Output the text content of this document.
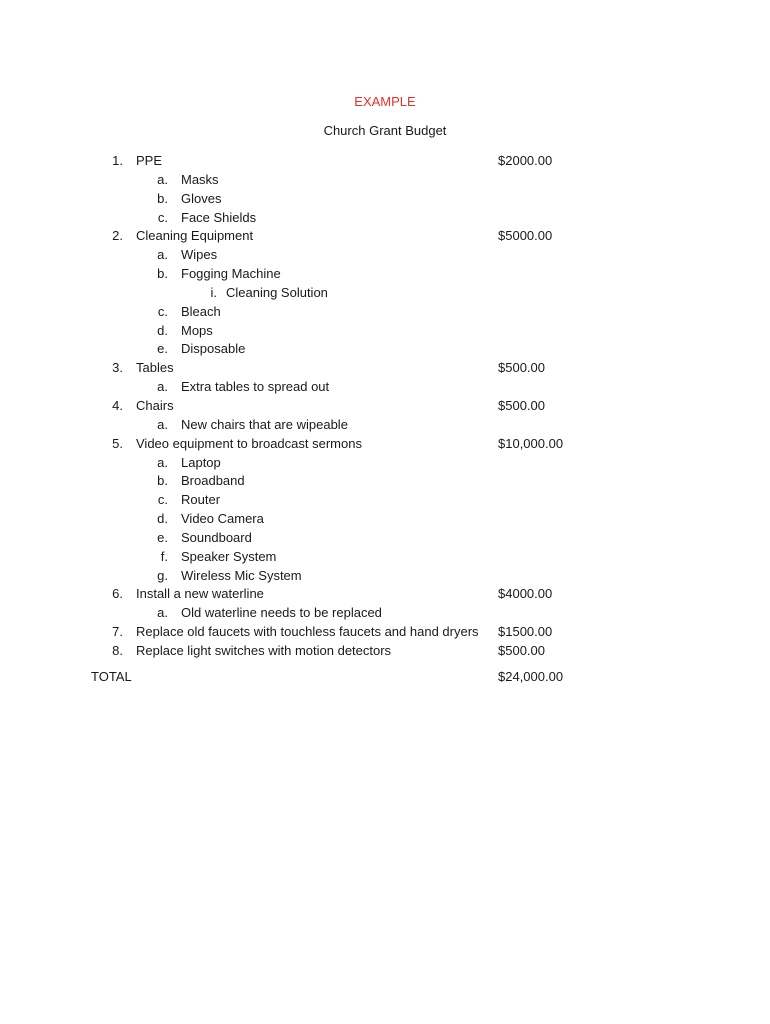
EXAMPLE
Church Grant Budget
1. PPE	$2000.00
a. Masks
b. Gloves
c. Face Shields
2. Cleaning Equipment	$5000.00
a. Wipes
b. Fogging Machine
i. Cleaning Solution
c. Bleach
d. Mops
e. Disposable
3. Tables	$500.00
a. Extra tables to spread out
4. Chairs	$500.00
a. New chairs that are wipeable
5. Video equipment to broadcast sermons	$10,000.00
a. Laptop
b. Broadband
c. Router
d. Video Camera
e. Soundboard
f. Speaker System
g. Wireless Mic System
6. Install a new waterline	$4000.00
a. Old waterline needs to be replaced
7. Replace old faucets with touchless faucets and hand dryers $1500.00
8. Replace light switches with motion detectors	$500.00
TOTAL	$24,000.00
